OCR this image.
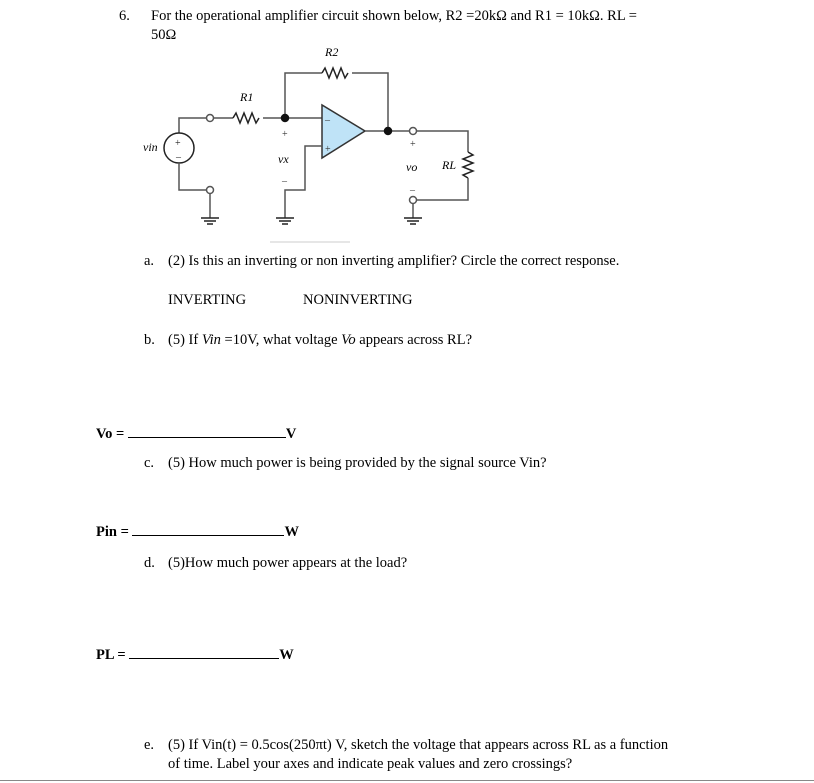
6. For the operational amplifier circuit shown below, R2 =20kΩ and R1 = 10kΩ. RL =
50Ω
+
–
–
+
+
–
+
–
R2
R1
vin
vx
vo RL
a. (2) Is this an inverting or non inverting amplifier? Circle the correct response.
INVERTING	NONINVERTING
b. (5) If Vin =10V, what voltage Vo appears across RL?
Vo =	V
c. (5) How much power is being provided by the signal source Vin?
Pin =	W
d. (5)How much power appears at the load?
PL =	W
e. (5) If Vin(t) = 0.5cos(250πt) V, sketch the voltage that appears across RL as a function
of time. Label your axes and indicate peak values and zero crossings?
